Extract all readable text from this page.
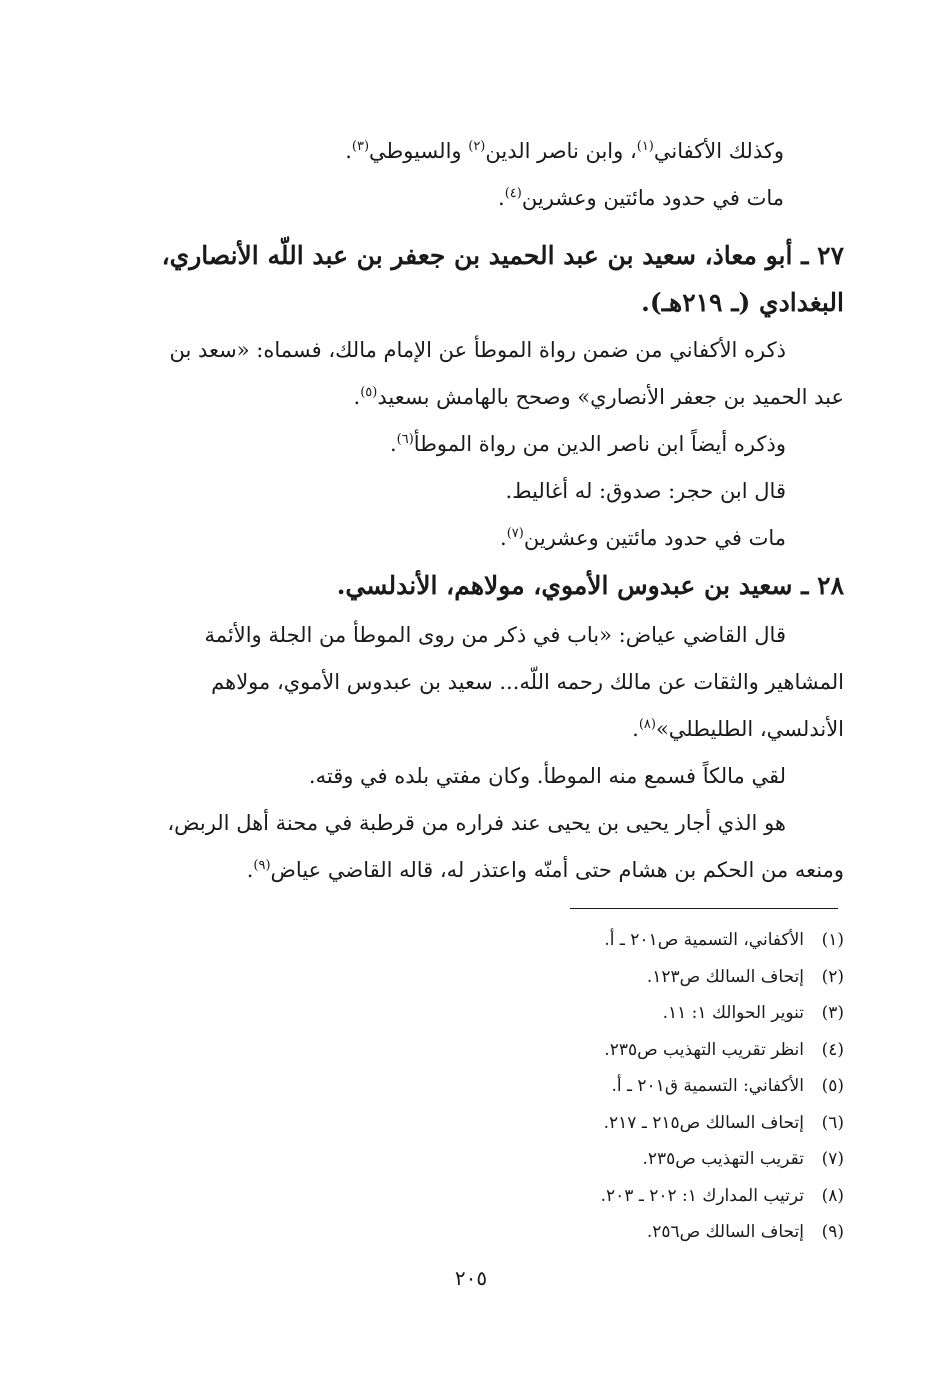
وكذلك الأكفاني$^{(١)}$، وابن ناصر الدين$^{(٢)}$ والسيوطي$^{(٣)}$.
مات في حدود مائتين وعشرين$^{(٤)}$.
٢٧ ـ أبو معاذ، سعيد بن عبد الحميد بن جعفر بن عبد اللّه الأنصاري،
البغدادي (ـ ٢١٩هـ).
ذكره الأكفاني من ضمن رواة الموطأ عن الإمام مالك، فسماه: «سعد بن
عبد الحميد بن جعفر الأنصاري» وصحح بالهامش بسعيد$^{(٥)}$.
وذكره أيضاً ابن ناصر الدين من رواة الموطأ$^{(٦)}$.
قال ابن حجر: صدوق: له أغاليط.
مات في حدود مائتين وعشرين$^{(٧)}$.
٢٨ ـ سعيد بن عبدوس الأموي، مولاهم، الأندلسي.
قال القاضي عياض: «باب في ذكر من روى الموطأ من الجلة والأئمة
المشاهير والثقات عن مالك رحمه اللّه... سعيد بن عبدوس الأموي، مولاهم
الأندلسي، الطليطلي»$^{(٨)}$.
لقي مالكاً فسمع منه الموطأ. وكان مفتي بلده في وقته.
هو الذي أجار يحيى بن يحيى عند فراره من قرطبة في محنة أهل الربض،
ومنعه من الحكم بن هشام حتى أمنّه واعتذر له، قاله القاضي عياض$^{(٩)}$.
(١)الأكفاني، التسمية ص٢٠١ ـ أ.
(٢)إتحاف السالك ص١٢٣.
(٣)تنوير الحوالك ١: ١١.
(٤)انظر تقريب التهذيب ص٢٣٥.
(٥)الأكفاني: التسمية ق٢٠١ ـ أ.
(٦)إتحاف السالك ص٢١٥ ـ ٢١٧.
(٧)تقريب التهذيب ص٢٣٥.
(٨)ترتيب المدارك ١: ٢٠٢ ـ ٢٠٣.
(٩)إتحاف السالك ص٢٥٦.
٢٠٥
